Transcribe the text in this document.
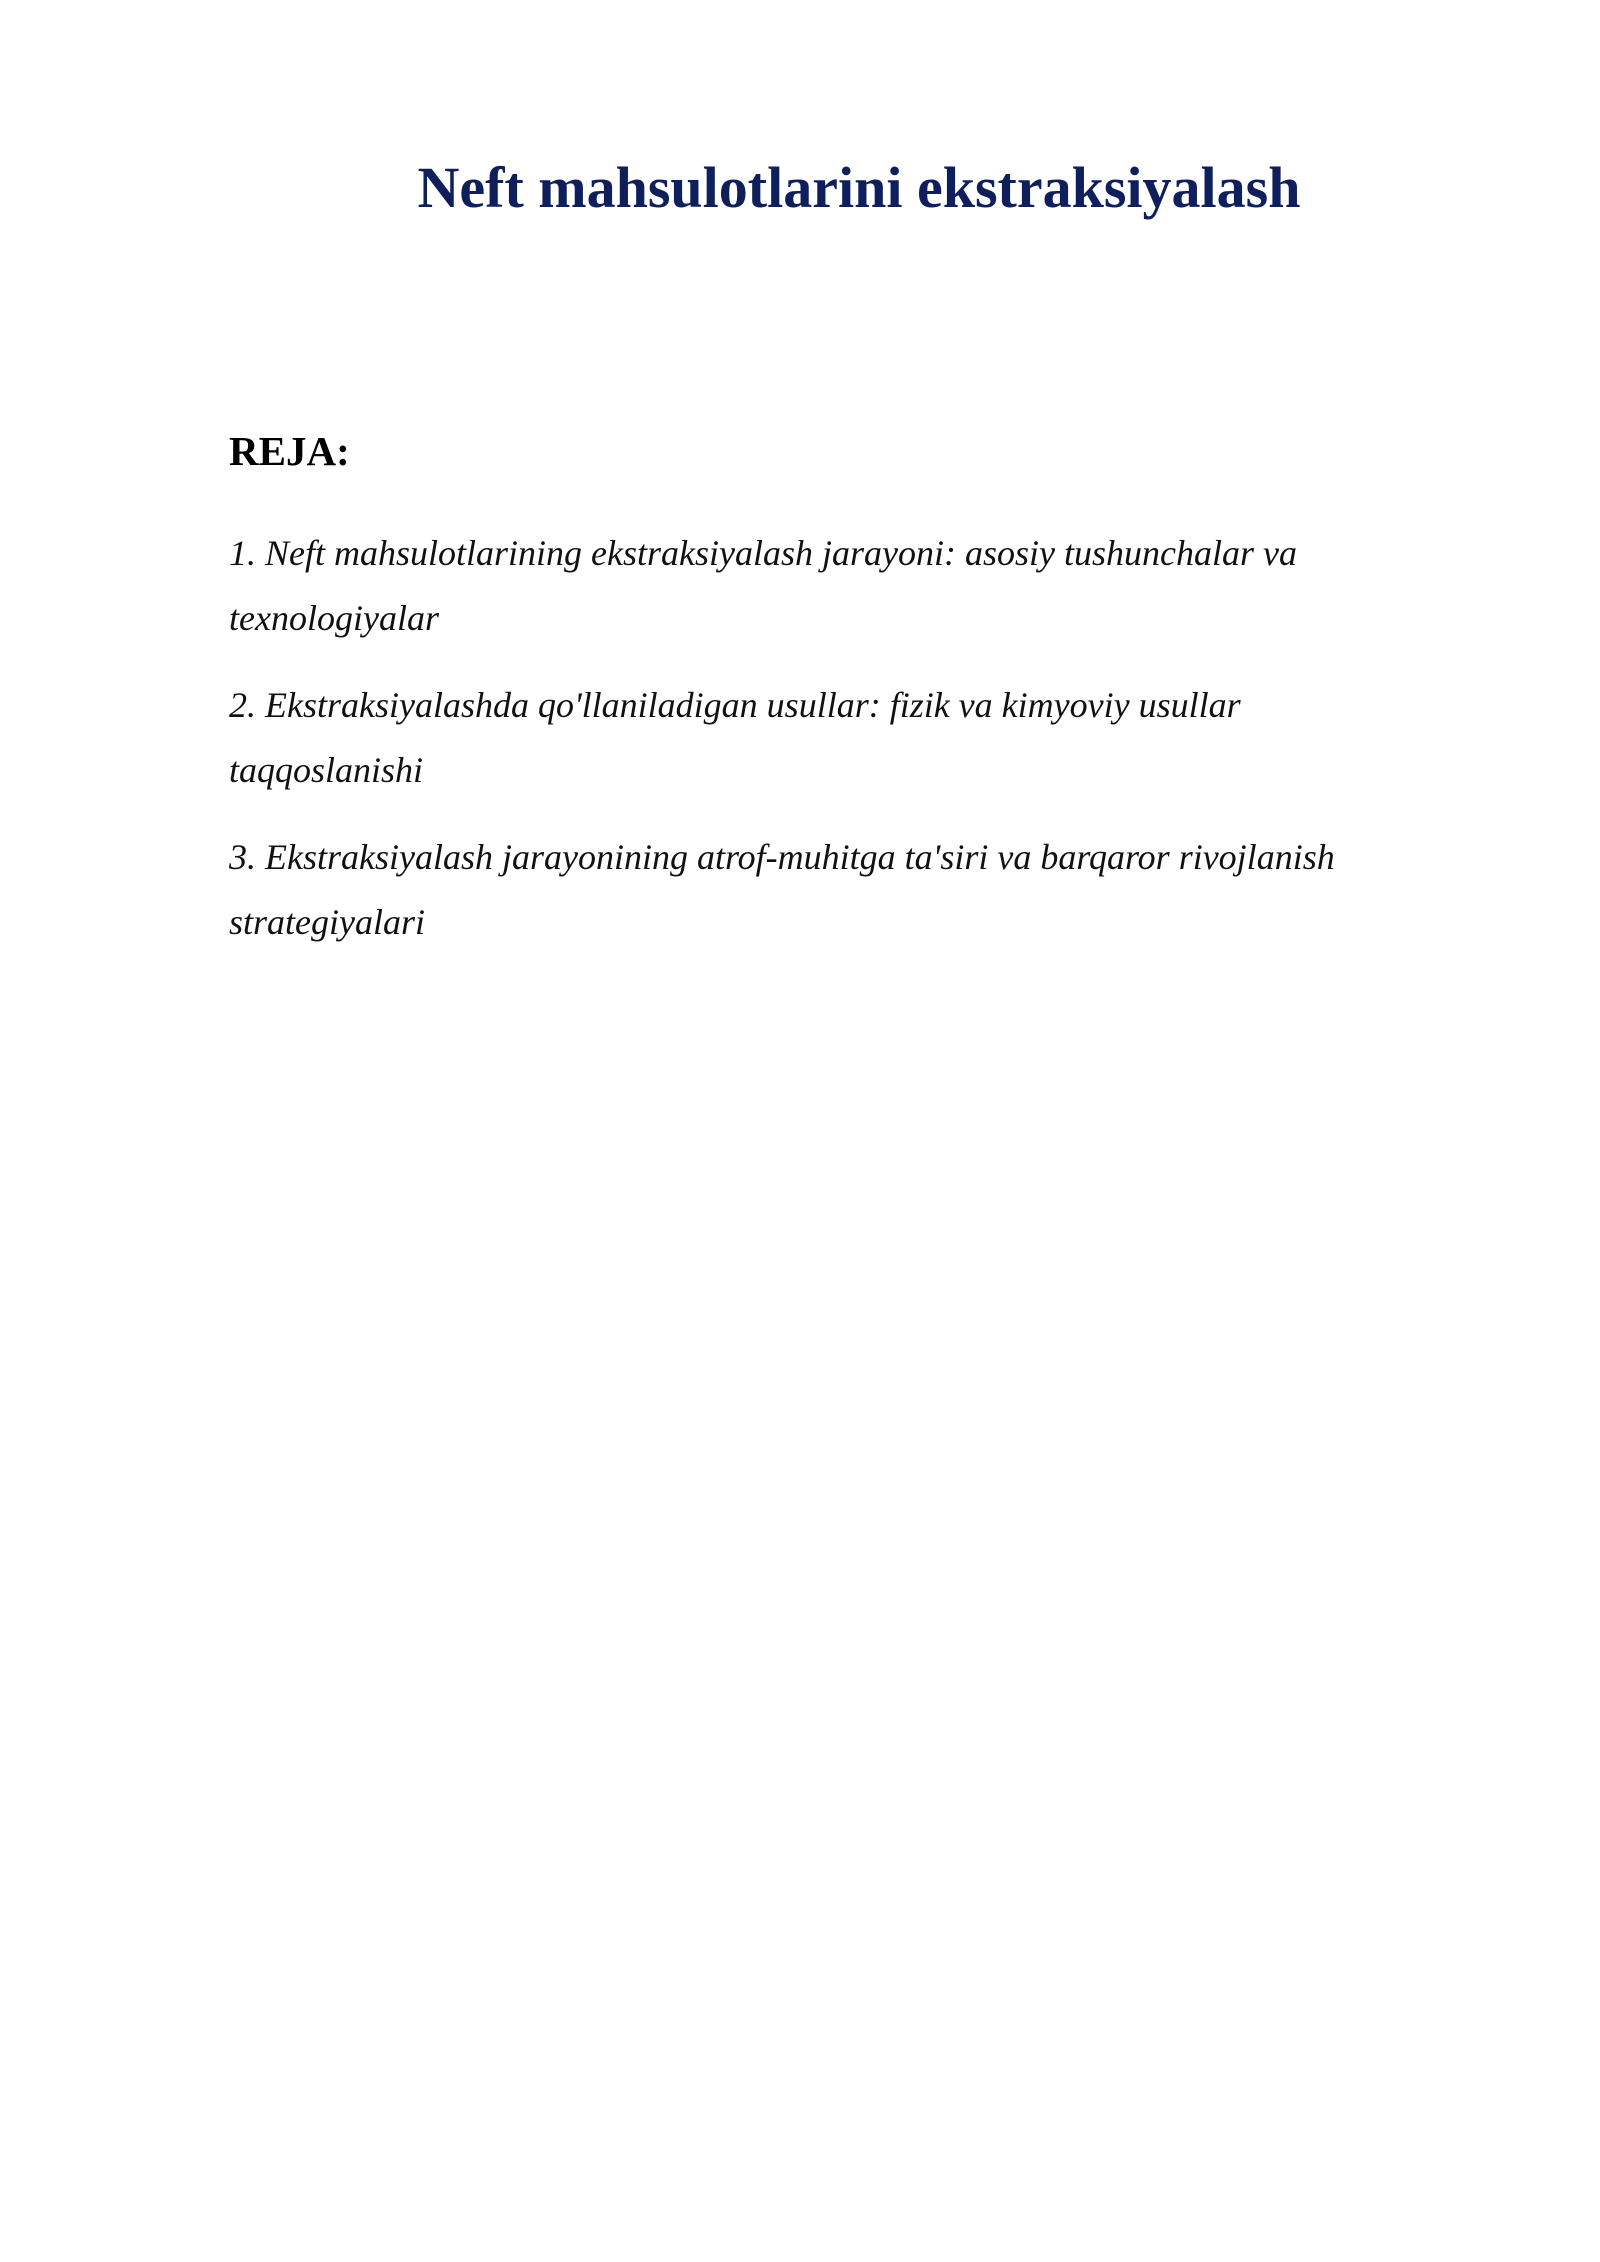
Neft mahsulotlarini ekstraksiyalash
REJA:
1. Neft mahsulotlarining ekstraksiyalash jarayoni: asosiy tushunchalar va texnologiyalar
2. Ekstraksiyalashda qo'llaniladigan usullar: fizik va kimyoviy usullar taqqoslanishi
3. Ekstraksiyalash jarayonining atrof-muhitga ta'siri va barqaror rivojlanish strategiyalari
